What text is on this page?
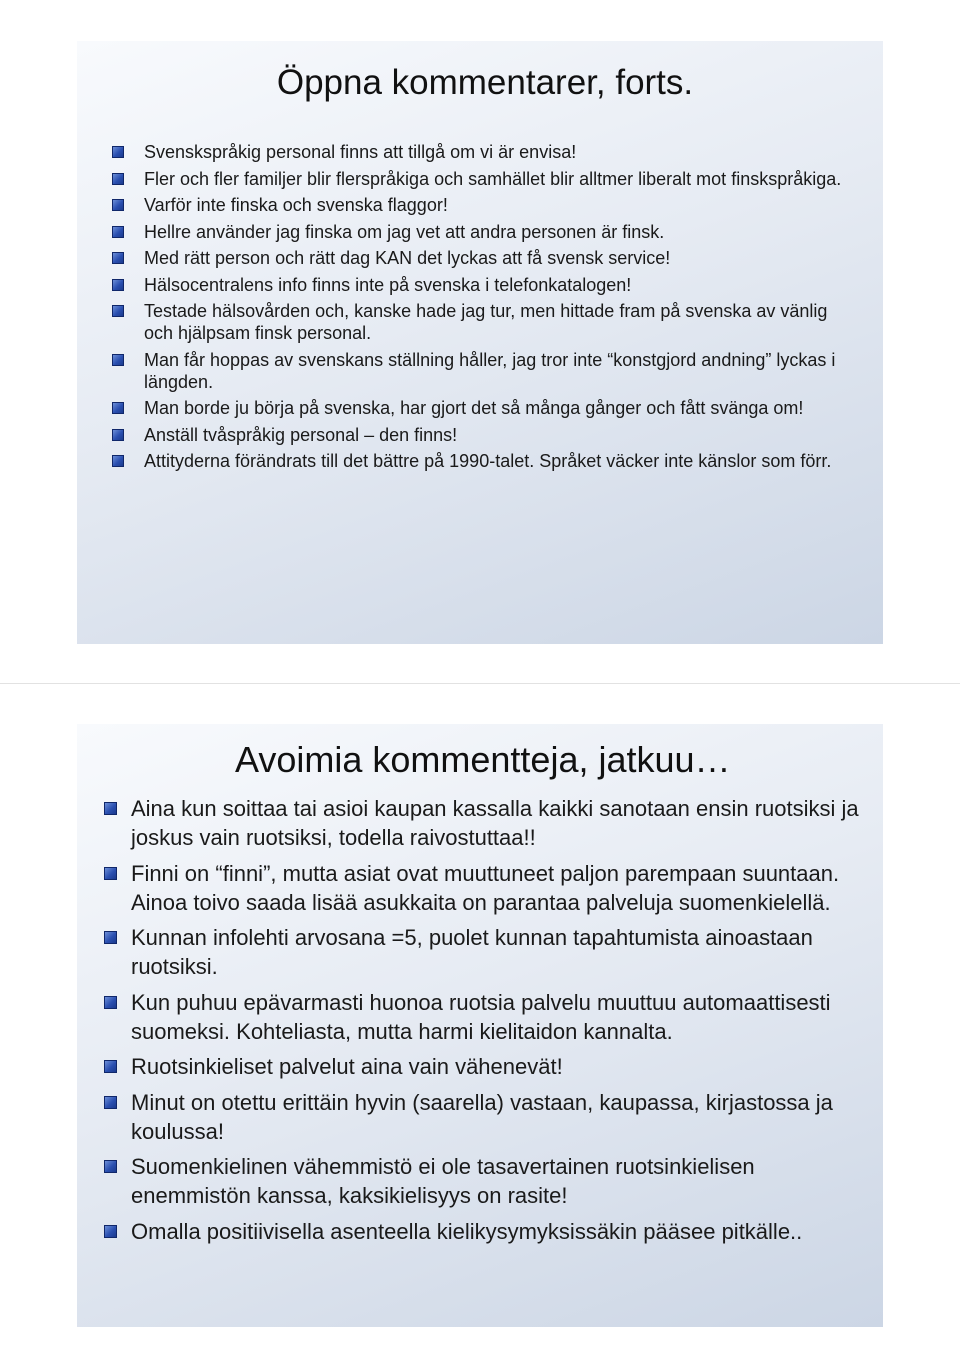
Öppna kommentarer, forts.
Svenskspråkig personal finns att tillgå om vi är envisa!
Fler och fler familjer blir flerspråkiga och samhället blir alltmer liberalt mot finskspråkiga.
Varför inte finska och svenska flaggor!
Hellre använder jag finska om jag vet att andra personen är finsk.
Med rätt person och rätt dag KAN det lyckas att få svensk service!
Hälsocentralens info finns inte på svenska i telefonkatalogen!
Testade hälsovården och, kanske hade jag tur, men hittade fram på svenska av vänlig och hjälpsam finsk personal.
Man får hoppas av svenskans ställning håller, jag tror inte “konstgjord andning” lyckas i längden.
Man borde ju börja på svenska, har gjort det så många gånger och fått svänga om!
Anställ tvåspråkig personal – den finns!
Attityderna förändrats till det bättre på 1990-talet. Språket väcker inte känslor som förr.
Avoimia kommentteja, jatkuu…
Aina kun soittaa tai asioi kaupan kassalla kaikki sanotaan ensin ruotsiksi ja joskus vain ruotsiksi, todella raivostuttaa!!
Finni on “finni”, mutta asiat ovat muuttuneet paljon parempaan suuntaan. Ainoa toivo saada lisää asukkaita on parantaa palveluja suomenkielellä.
Kunnan infolehti arvosana =5, puolet kunnan tapahtumista ainoastaan ruotsiksi.
Kun puhuu epävarmasti huonoa ruotsia palvelu muuttuu automaattisesti suomeksi. Kohteliasta, mutta harmi kielitaidon kannalta.
Ruotsinkieliset palvelut aina vain vähenevät!
Minut on otettu erittäin hyvin (saarella) vastaan, kaupassa, kirjastossa ja koulussa!
Suomenkielinen vähemmistö ei ole tasavertainen ruotsinkielisen enemmistön kanssa, kaksikielisyys on rasite!
Omalla positiivisella asenteella kielikysymyksissäkin pääsee pitkälle..
